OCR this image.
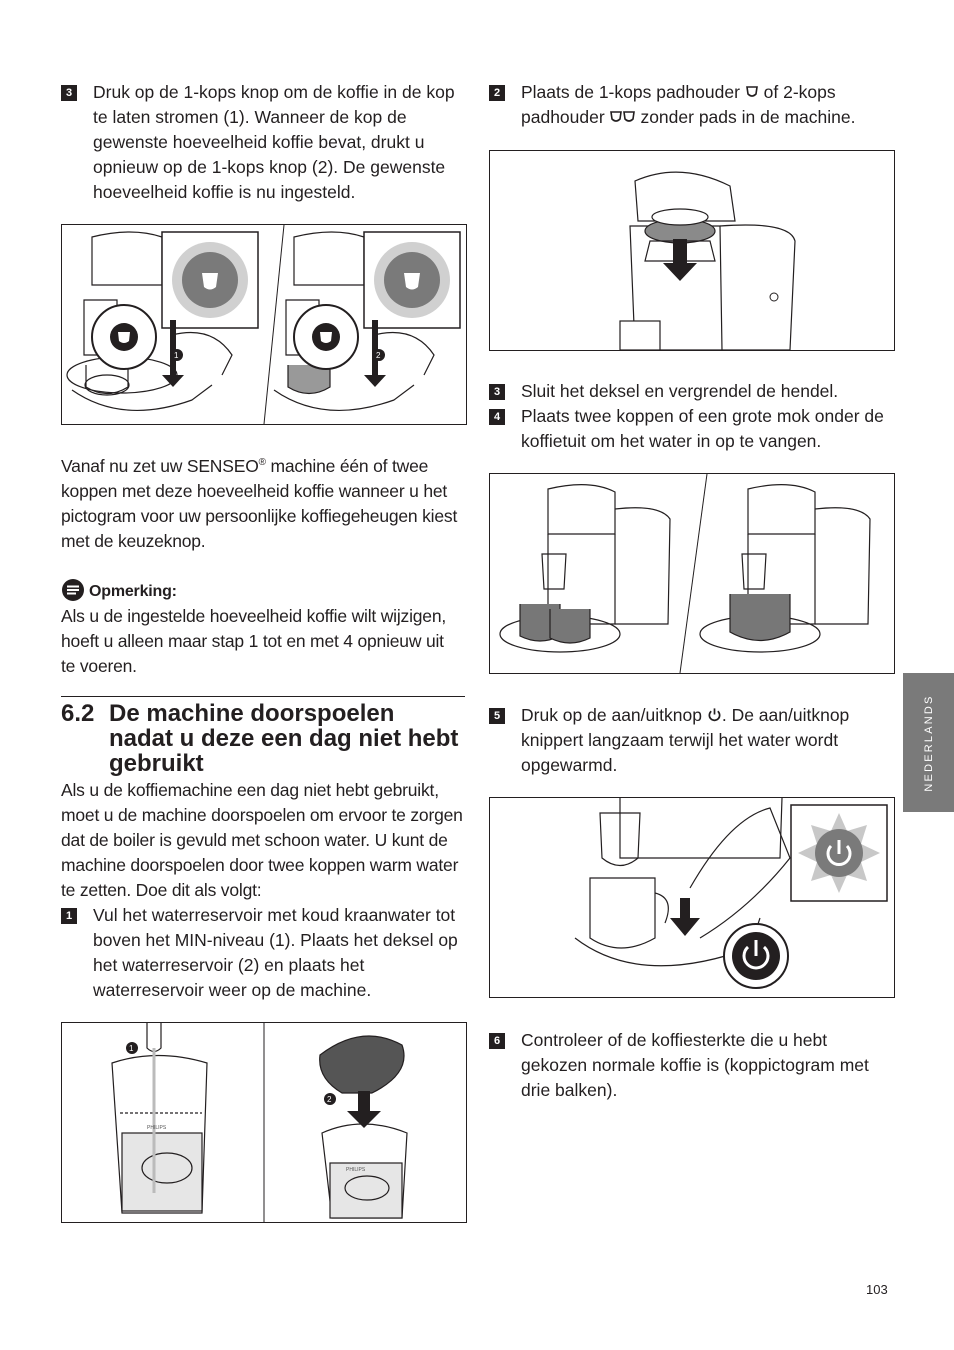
3 Druk op de 1-kops knop om de koffie in de kop te laten stromen (1). Wanneer de kop de gewenste hoeveelheid koffie bevat, drukt u opnieuw op de 1-kops knop (2). De gewenste hoeveelheid koffie is nu ingesteld.
1	2
Vanaf nu zet uw SENSEO® machine één of twee koppen met deze hoeveelheid koffie wanneer u het pictogram voor uw persoonlijke koffiegeheugen kiest met de keuzeknop.
Opmerking:
Als u de ingestelde hoeveelheid koffie wilt wijzigen, hoeft u alleen maar stap 1 tot en met 4 opnieuw uit te voeren.
6.2 De machine doorspoelen nadat u deze een dag niet hebt gebruikt
Als u de koffiemachine een dag niet hebt gebruikt, moet u de machine doorspoelen om ervoor te zorgen dat de boiler is gevuld met schoon water. U kunt de machine doorspoelen door twee koppen warm water te zetten. Doe dit als volgt:
1 Vul het waterreservoir met koud kraanwater tot boven het MIN-niveau (1). Plaats het deksel op het waterreservoir (2) en plaats het waterreservoir weer op de machine.
1
PHILIPS
2
PHILIPS
2 Plaats de 1-kops padhouder of 2-kops padhouder zonder pads in de machine.
3 Sluit het deksel en vergrendel de hendel.
4 Plaats twee koppen of een grote mok onder de koffietuit om het water in op te vangen.
5 Druk op de aan/uitknop . De aan/uitknop knippert langzaam terwijl het water wordt opgewarmd.
6 Controleer of de koffiesterkte die u hebt gekozen normale koffie is (koppictogram met drie balken).
NEDERLANDS
103
